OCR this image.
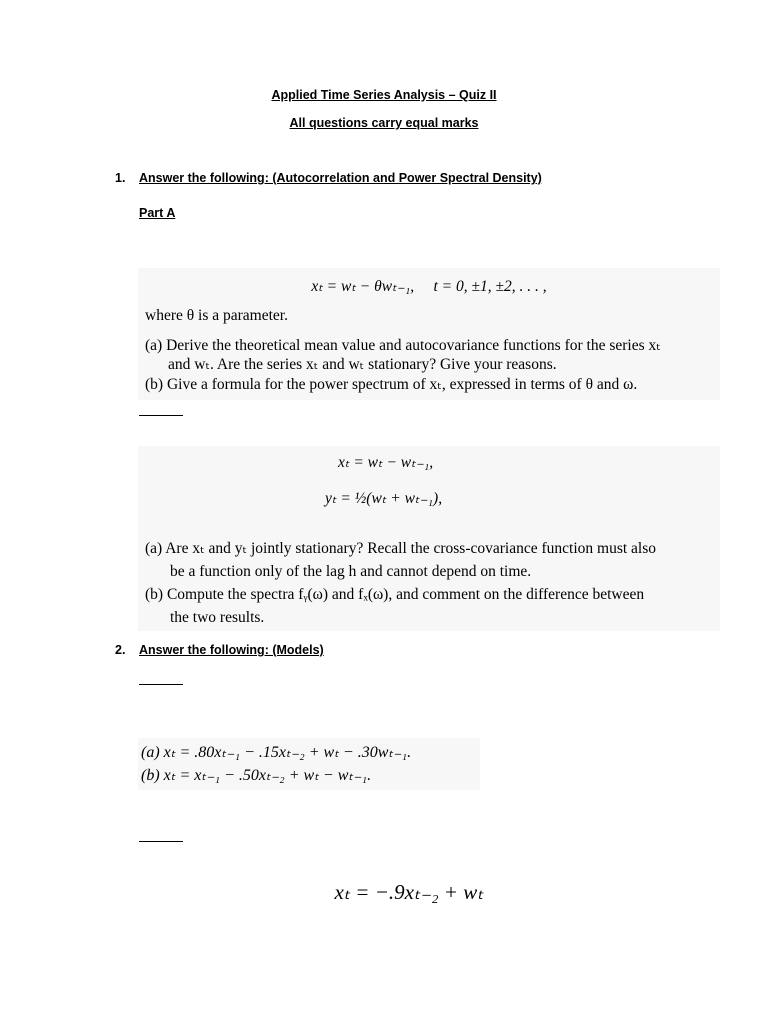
Applied Time Series Analysis – Quiz II
All questions carry equal marks
1. Answer the following: (Autocorrelation and Power Spectral Density)
Part A
xₜ = wₜ − θwₜ₋₁,     t = 0, ±1, ±2, . . . ,
where θ is a parameter.
(a) Derive the theoretical mean value and autocovariance functions for the series xₜ
and wₜ. Are the series xₜ and wₜ stationary? Give your reasons.
(b) Give a formula for the power spectrum of xₜ, expressed in terms of θ and ω.
xₜ = wₜ − wₜ₋₁,
yₜ = ½(wₜ + wₜ₋₁),
(a) Are xₜ and yₜ jointly stationary? Recall the cross-covariance function must also
be a function only of the lag h and cannot depend on time.
(b) Compute the spectra fᵧ(ω) and fₓ(ω), and comment on the difference between
the two results.
2. Answer the following: (Models)
(a) xₜ = .80xₜ₋₁ − .15xₜ₋₂ + wₜ − .30wₜ₋₁.
(b) xₜ = xₜ₋₁ − .50xₜ₋₂ + wₜ − wₜ₋₁.
xₜ = −.9xₜ₋₂ + wₜ
